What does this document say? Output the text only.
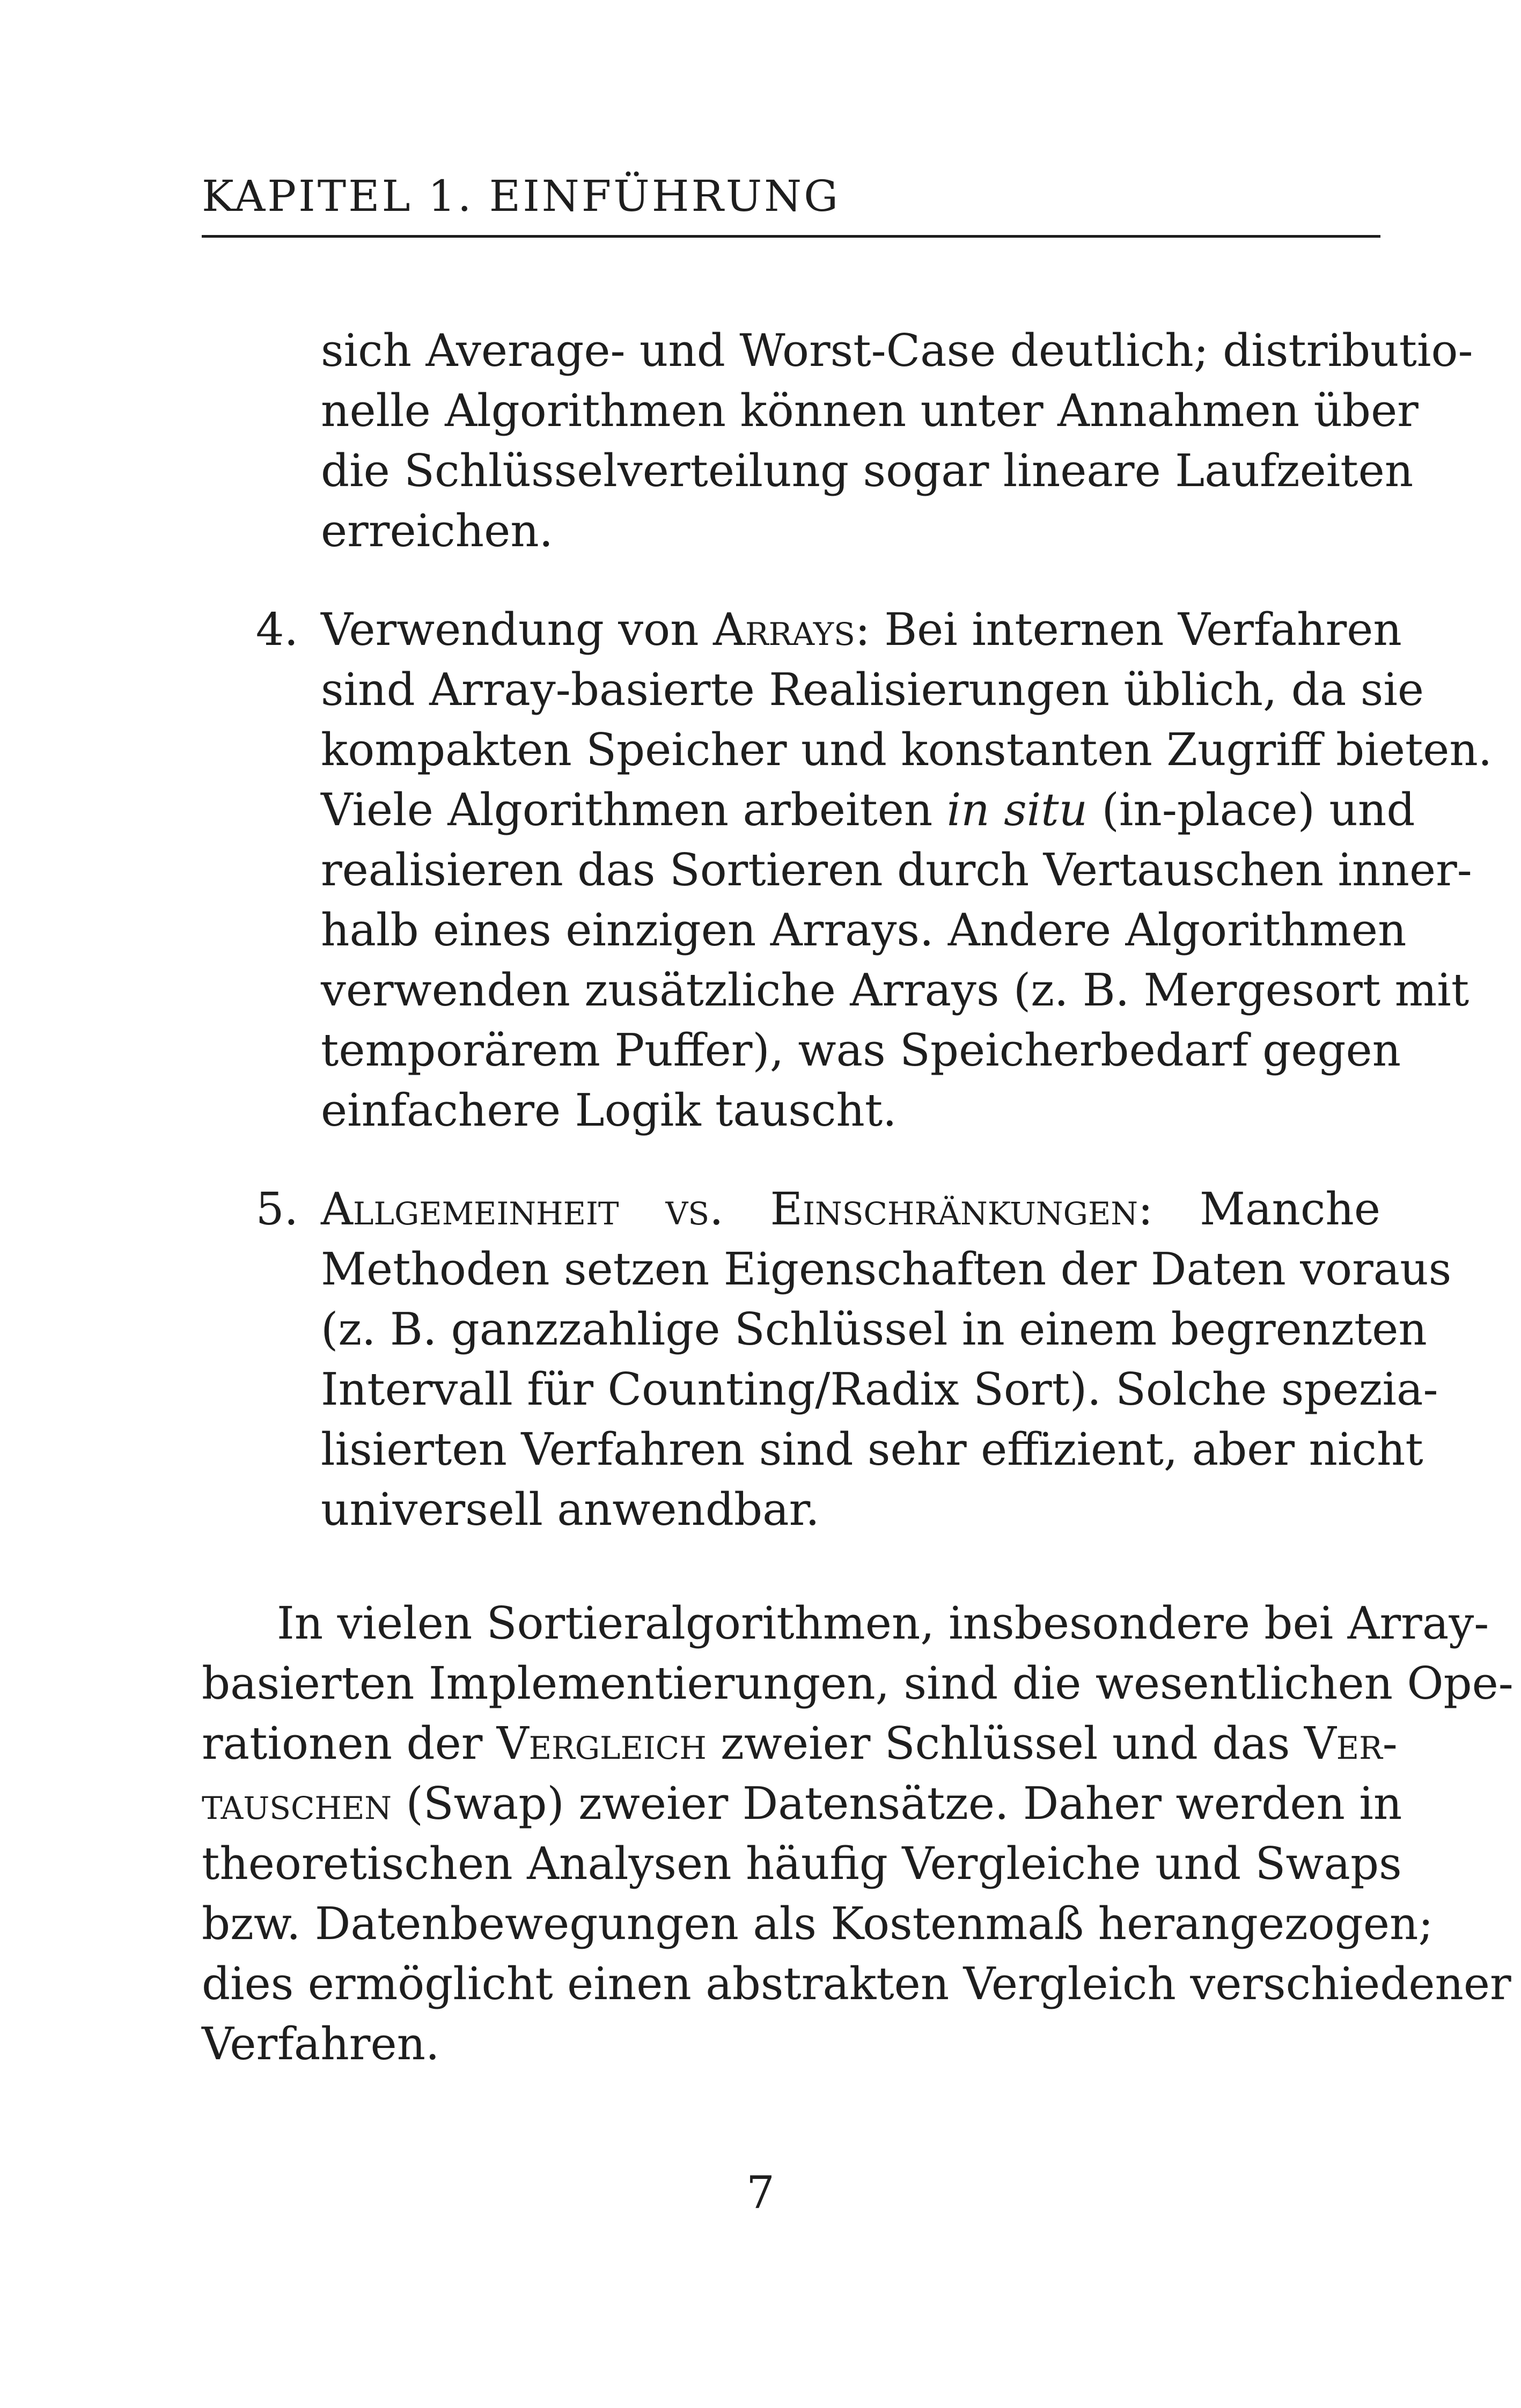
KAPITEL 1. EINFÜHRUNG
sich Average- und Worst-Case deutlich; distributio-
nelle Algorithmen können unter Annahmen über
die Schlüsselverteilung sogar lineare Laufzeiten
erreichen.
4. Verwendung von Arrays: Bei internen Verfahren
sind Array-basierte Realisierungen üblich, da sie
kompakten Speicher und konstanten Zugriff bieten.
Viele Algorithmen arbeiten in situ (in-place) und
realisieren das Sortieren durch Vertauschen inner-
halb eines einzigen Arrays. Andere Algorithmen
verwenden zusätzliche Arrays (z. B. Mergesort mit
temporärem Puffer), was Speicherbedarf gegen
einfachere Logik tauscht.
5. Allgemeinheit vs. Einschränkungen: Manche
Methoden setzen Eigenschaften der Daten voraus
(z. B. ganzzahlige Schlüssel in einem begrenzten
Intervall für Counting/Radix Sort). Solche spezia-
lisierten Verfahren sind sehr effizient, aber nicht
universell anwendbar.
In vielen Sortieralgorithmen, insbesondere bei Array-
basierten Implementierungen, sind die wesentlichen Ope-
rationen der Vergleich zweier Schlüssel und das Ver-
tauschen (Swap) zweier Datensätze. Daher werden in
theoretischen Analysen häufig Vergleiche und Swaps
bzw. Datenbewegungen als Kostenmaß herangezogen;
dies ermöglicht einen abstrakten Vergleich verschiedener
Verfahren.
7
